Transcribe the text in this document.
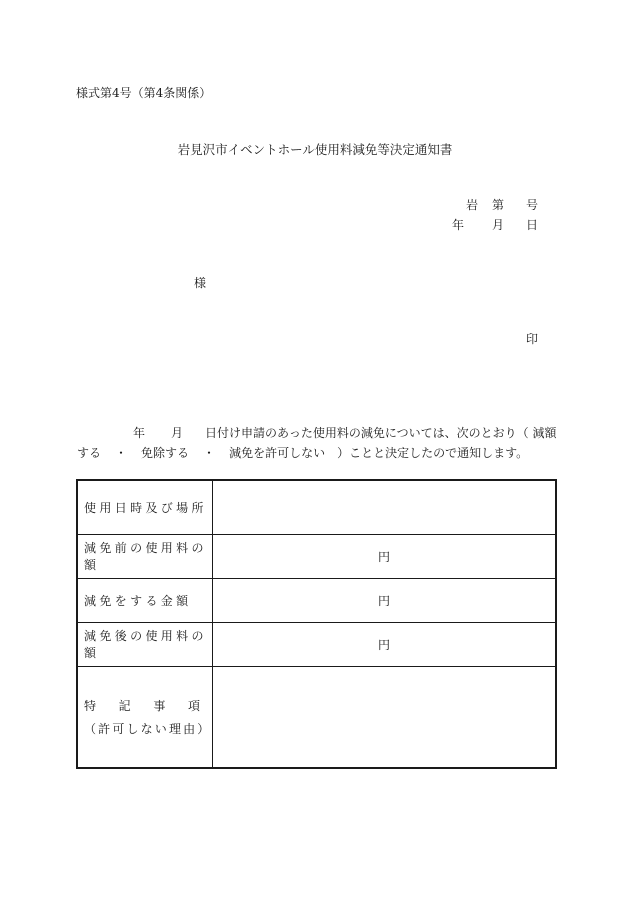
様式第4号（第4条関係）
岩見沢市イベントホール使用料減免等決定通知書
岩 第 号
年 月 日
様
印
年 月 日付け申請のあった使用料の減免については、次のとおり（ 減額
する ・ 免除する ・ 減免を許可しない　）ことと決定したので通知します。
使用日時及び場所	
減免前の使用料の額	円
減免をする金額	円
減免後の使用料の額	円

特 記 事 項
（許可しない理由）	
